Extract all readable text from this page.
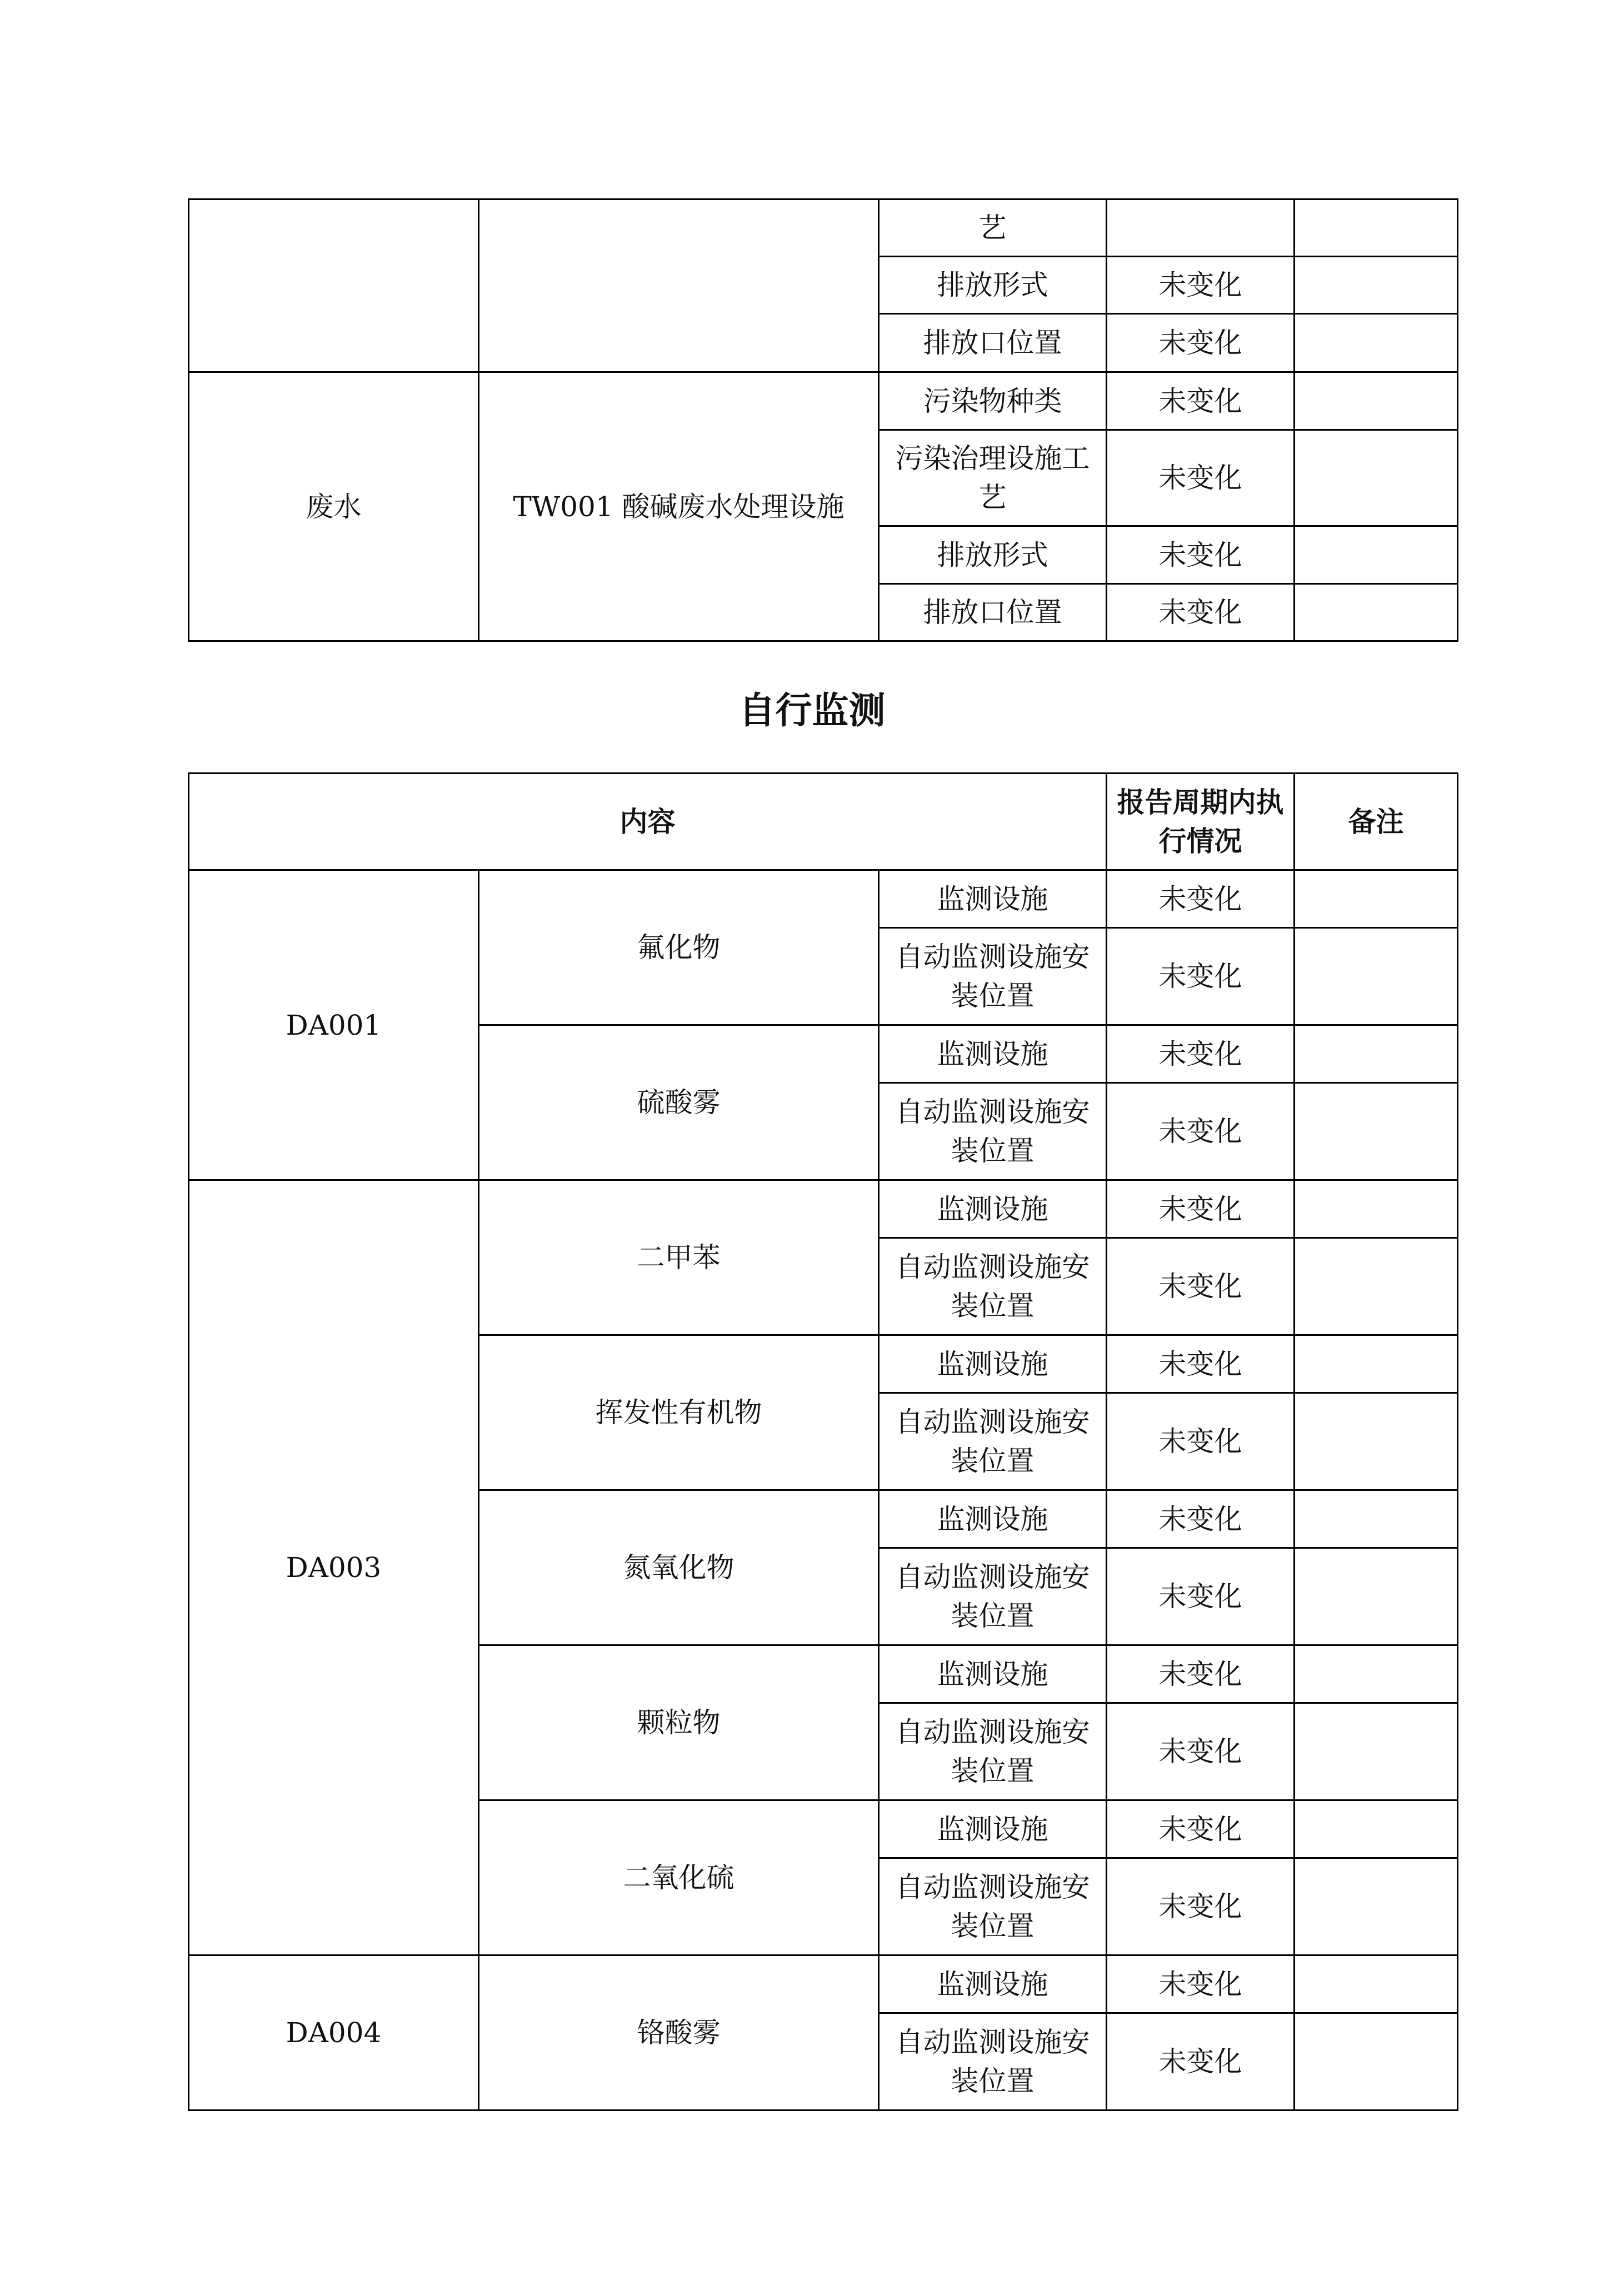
		艺		
		排放形式	未变化	
		排放口位置	未变化	
废水	TW001 酸碱废水处理设施	污染物种类	未变化	
		污染治理设施工艺	未变化	
		排放形式	未变化	
		排放口位置	未变化	
自行监测
内容			报告周期内执行情况	备注
DA001	氟化物	监测设施	未变化	
		自动监测设施安装位置	未变化	
	硫酸雾	监测设施	未变化	
		自动监测设施安装位置	未变化	
DA003	二甲苯	监测设施	未变化	
		自动监测设施安装位置	未变化	
	挥发性有机物	监测设施	未变化	
		自动监测设施安装位置	未变化	
	氮氧化物	监测设施	未变化	
		自动监测设施安装位置	未变化	
	颗粒物	监测设施	未变化	
		自动监测设施安装位置	未变化	
	二氧化硫	监测设施	未变化	
		自动监测设施安装位置	未变化	
DA004	铬酸雾	监测设施	未变化	
		自动监测设施安装位置	未变化	
